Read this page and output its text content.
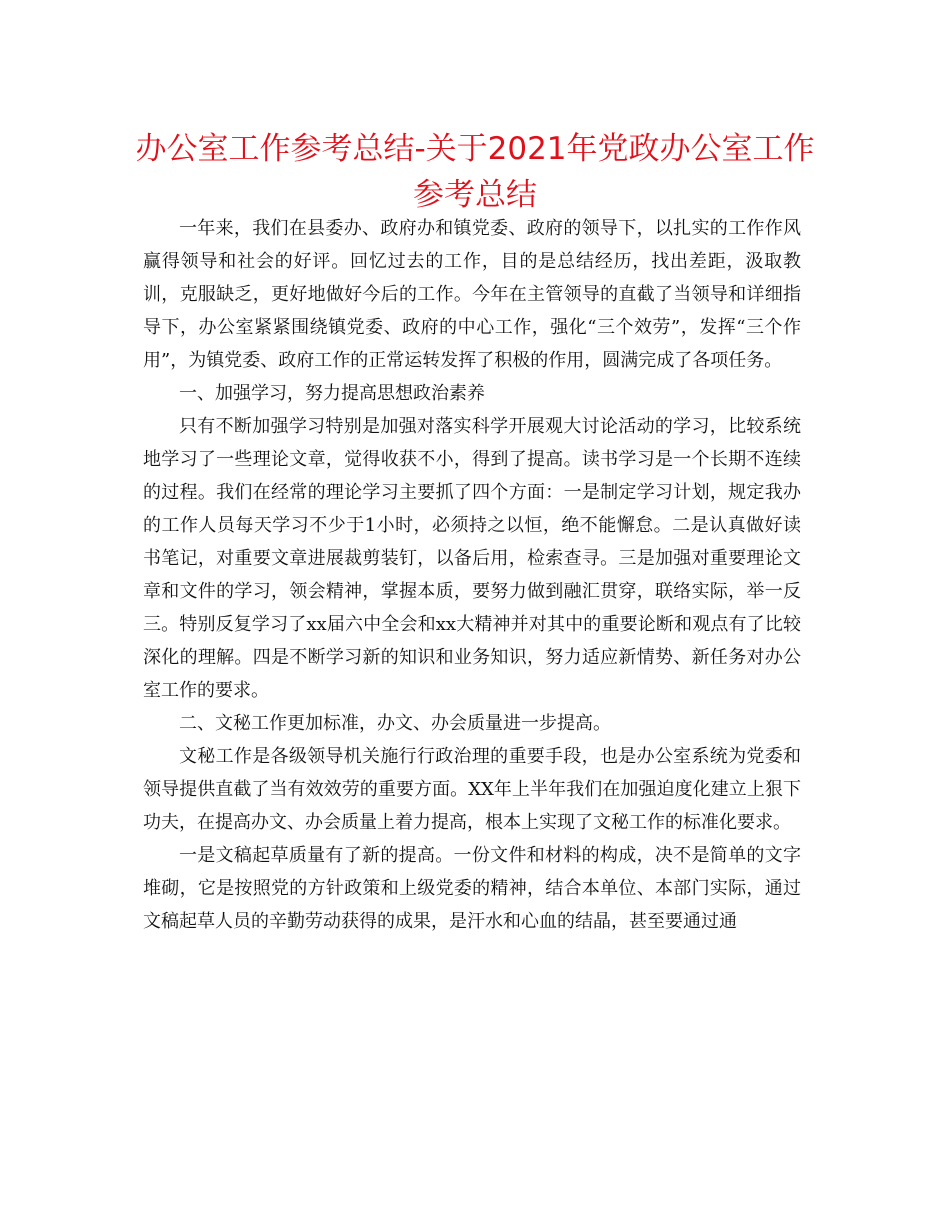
办公室工作参考总结-关于2021年党政办公室工作参考总结

一年来，我们在县委办、政府办和镇党委、政府的领导下，以扎实的工作作风赢得领导和社会的好评。回忆过去的工作，目的是总结经历，找出差距，汲取教训，克服缺乏，更好地做好今后的工作。今年在主管领导的直截了当领导和详细指导下，办公室紧紧围绕镇党委、政府的中心工作，强化“三个效劳”，发挥“三个作用”，为镇党委、政府工作的正常运转发挥了积极的作用，圆满完成了各项任务。

一、加强学习，努力提高思想政治素养

只有不断加强学习特别是加强对落实科学开展观大讨论活动的学习，比较系统地学习了一些理论文章，觉得收获不小，得到了提高。读书学习是一个长期不连续的过程。我们在经常的理论学习主要抓了四个方面：一是制定学习计划，规定我办的工作人员每天学习不少于1小时，必须持之以恒，绝不能懈怠。二是认真做好读书笔记，对重要文章进展裁剪装钉，以备后用，检索查寻。三是加强对重要理论文章和文件的学习，领会精神，掌握本质，要努力做到融汇贯穿，联络实际，举一反三。特别反复学习了xx届六中全会和xx大精神并对其中的重要论断和观点有了比较深化的理解。四是不断学习新的知识和业务知识，努力适应新情势、新任务对办公室工作的要求。

二、文秘工作更加标准，办文、办会质量进一步提高。

文秘工作是各级领导机关施行行政治理的重要手段，也是办公室系统为党委和领导提供直截了当有效效劳的重要方面。XX年上半年我们在加强迫度化建立上狠下功夫，在提高办文、办会质量上着力提高，根本上实现了文秘工作的标准化要求。

一是文稿起草质量有了新的提高。一份文件和材料的构成，决不是简单的文字堆砌，它是按照党的方针政策和上级党委的精神，结合本单位、本部门实际，通过文稿起草人员的辛勤劳动获得的成果，是汗水和心血的结晶，甚至要通过通
